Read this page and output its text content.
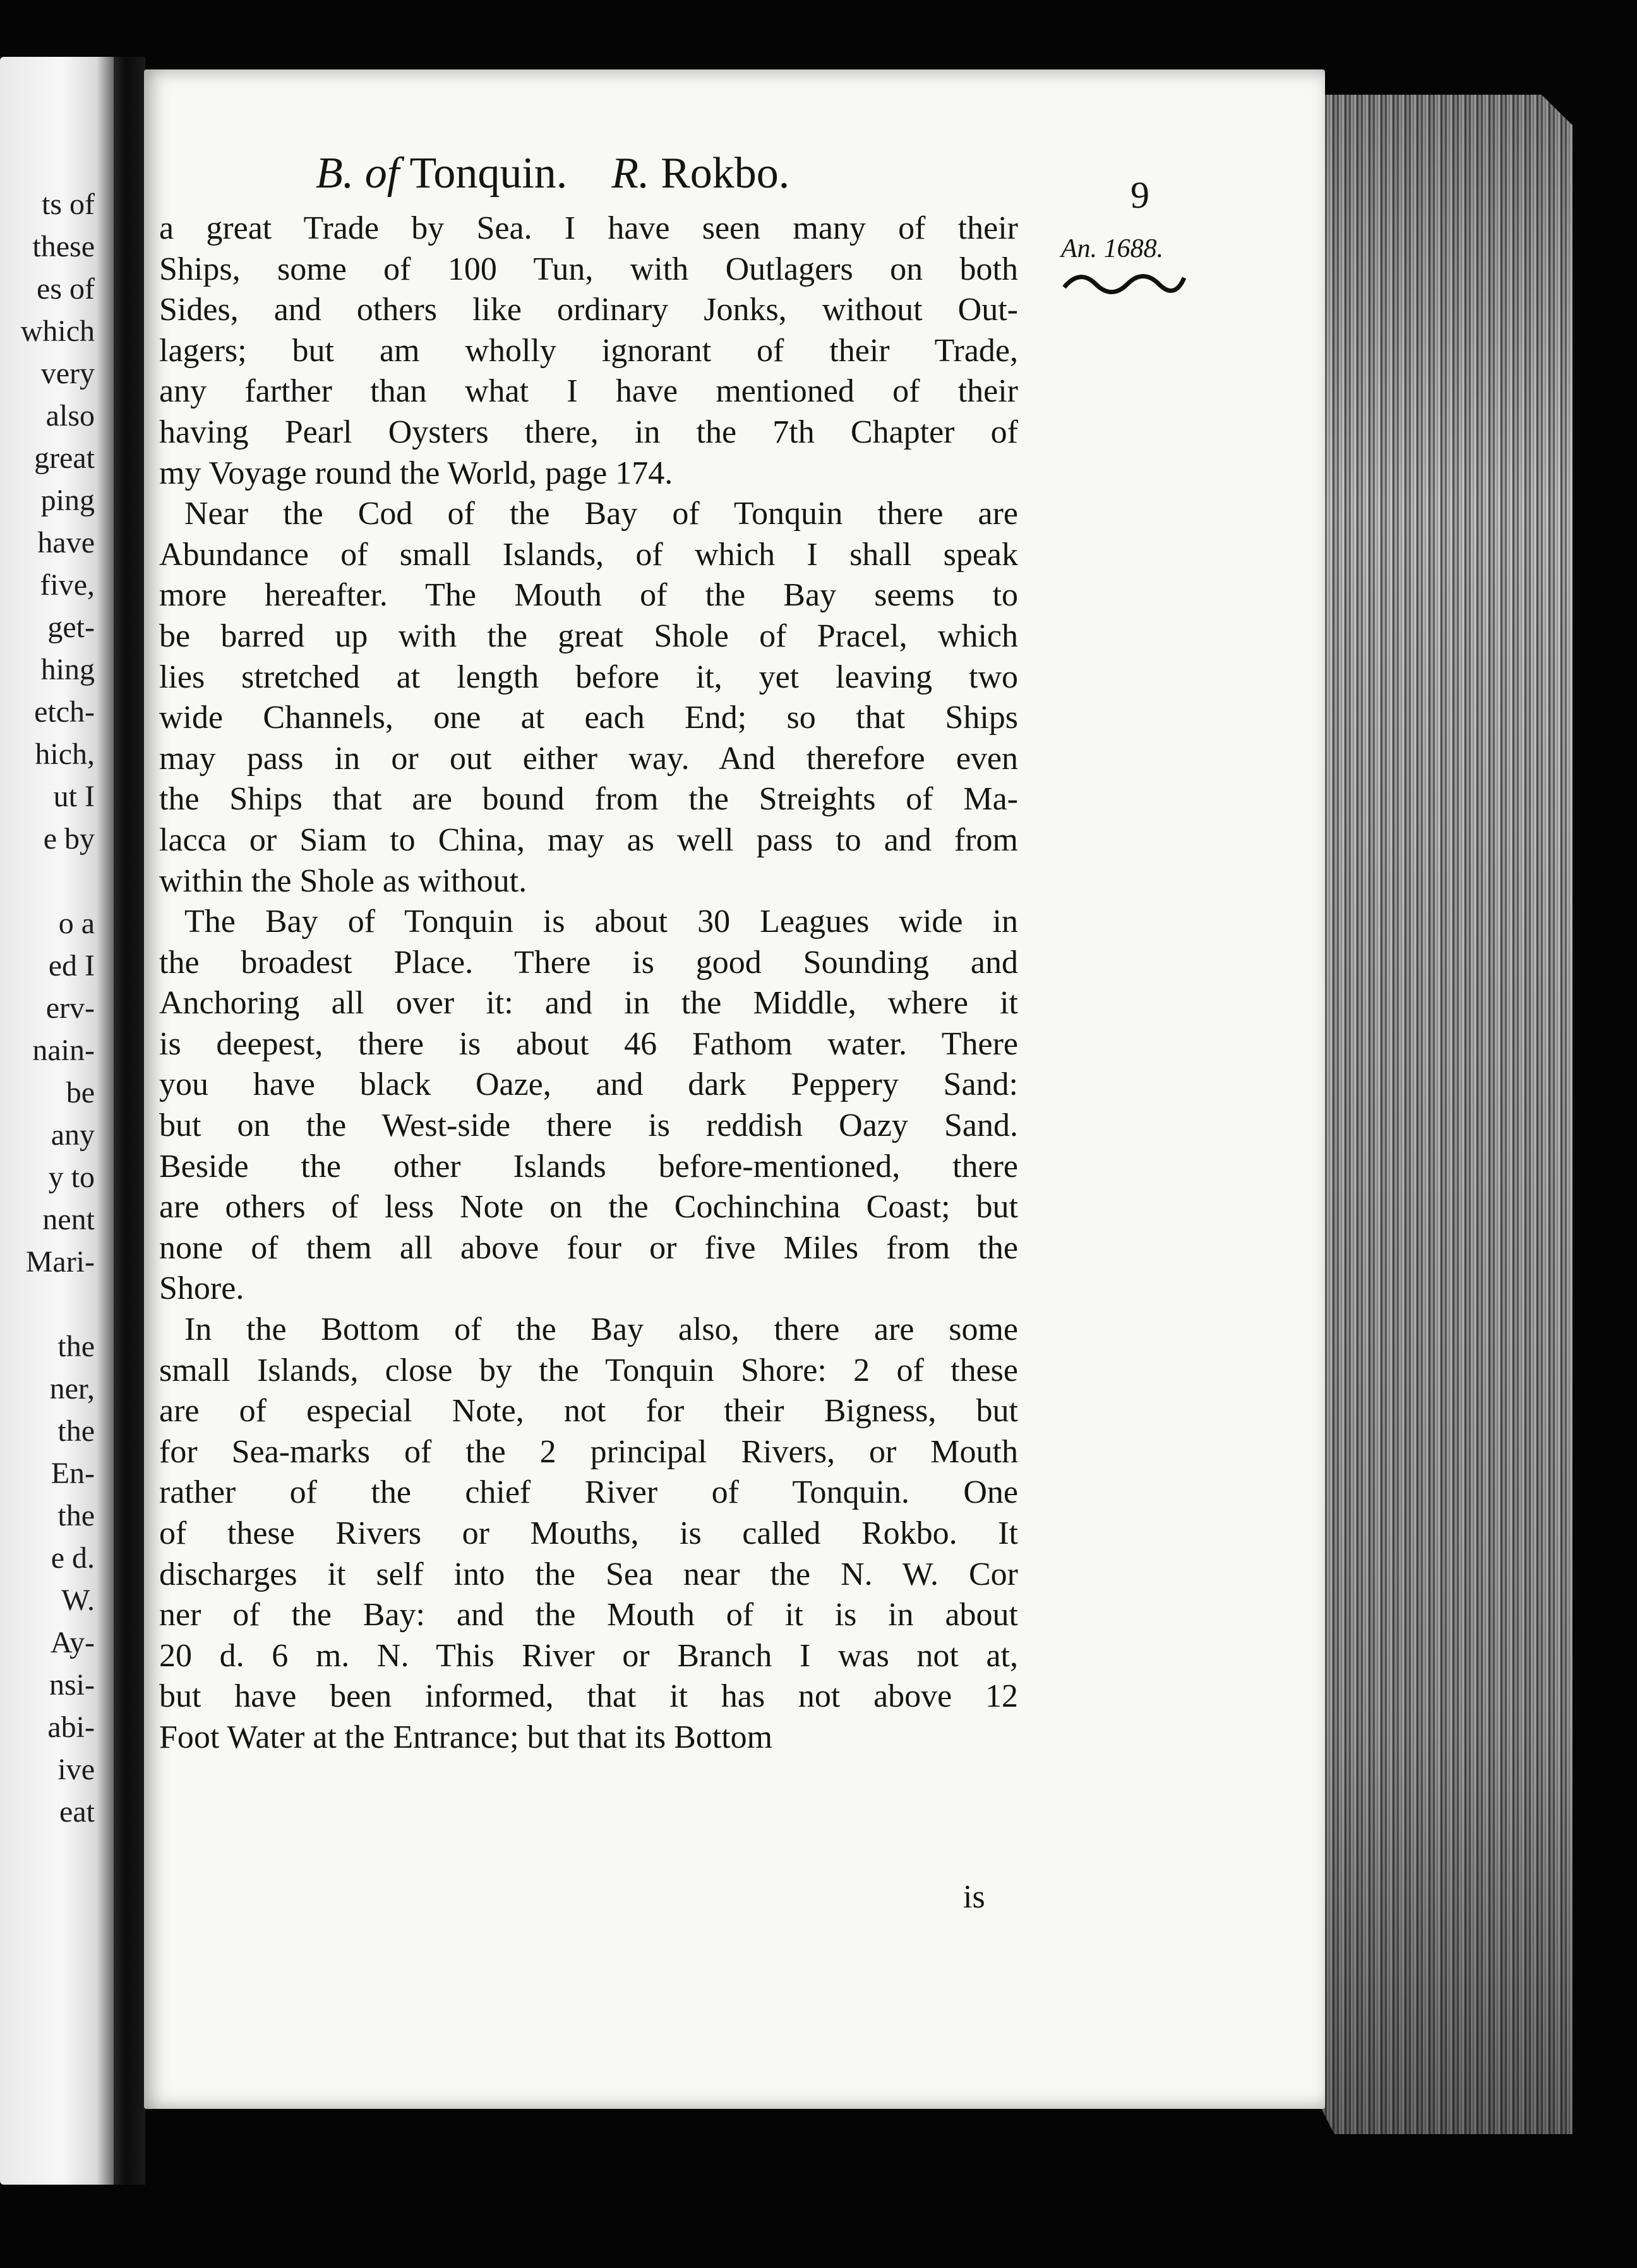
ts of
these
es of
which
very
also
great
ping
have
five,
get-
hing
etch-
hich,
ut I
e by
o a
ed I
erv-
nain-
be
any
y to
nent
Mari-
the
ner,
the
En-
the
e d.
W.
Ay-
nsi-
abi-
ive
eat
B. of Tonquin. R. Rokbo.	9
An. 1688.
a great Trade by Sea. I have seen many of their
Ships, some of 100 Tun, with Outlagers on both
Sides, and others like ordinary Jonks, without Out-
lagers; but am wholly ignorant of their Trade,
any farther than what I have mentioned of their
having Pearl Oysters there, in the 7th Chapter of
my Voyage round the World, page 174.
Near the Cod of the Bay of Tonquin there are
Abundance of small Islands, of which I shall speak
more hereafter. The Mouth of the Bay seems to
be barred up with the great Shole of Pracel, which
lies stretched at length before it, yet leaving two
wide Channels, one at each End; so that Ships
may pass in or out either way. And therefore even
the Ships that are bound from the Streights of Ma-
lacca or Siam to China, may as well pass to and from
within the Shole as without.
The Bay of Tonquin is about 30 Leagues wide in
the broadest Place. There is good Sounding and
Anchoring all over it: and in the Middle, where it
is deepest, there is about 46 Fathom water. There
you have black Oaze, and dark Peppery Sand:
but on the West-side there is reddish Oazy Sand.
Beside the other Islands before-mentioned, there
are others of less Note on the Cochinchina Coast; but
none of them all above four or five Miles from the
Shore.
In the Bottom of the Bay also, there are some
small Islands, close by the Tonquin Shore: 2 of these
are of especial Note, not for their Bigness, but
for Sea-marks of the 2 principal Rivers, or Mouth
rather of the chief River of Tonquin. One
of these Rivers or Mouths, is called Rokbo. It
discharges it self into the Sea near the N. W. Cor
ner of the Bay: and the Mouth of it is in about
20 d. 6 m. N. This River or Branch I was not at,
but have been informed, that it has not above 12
Foot Water at the Entrance; but that its Bottom
is
